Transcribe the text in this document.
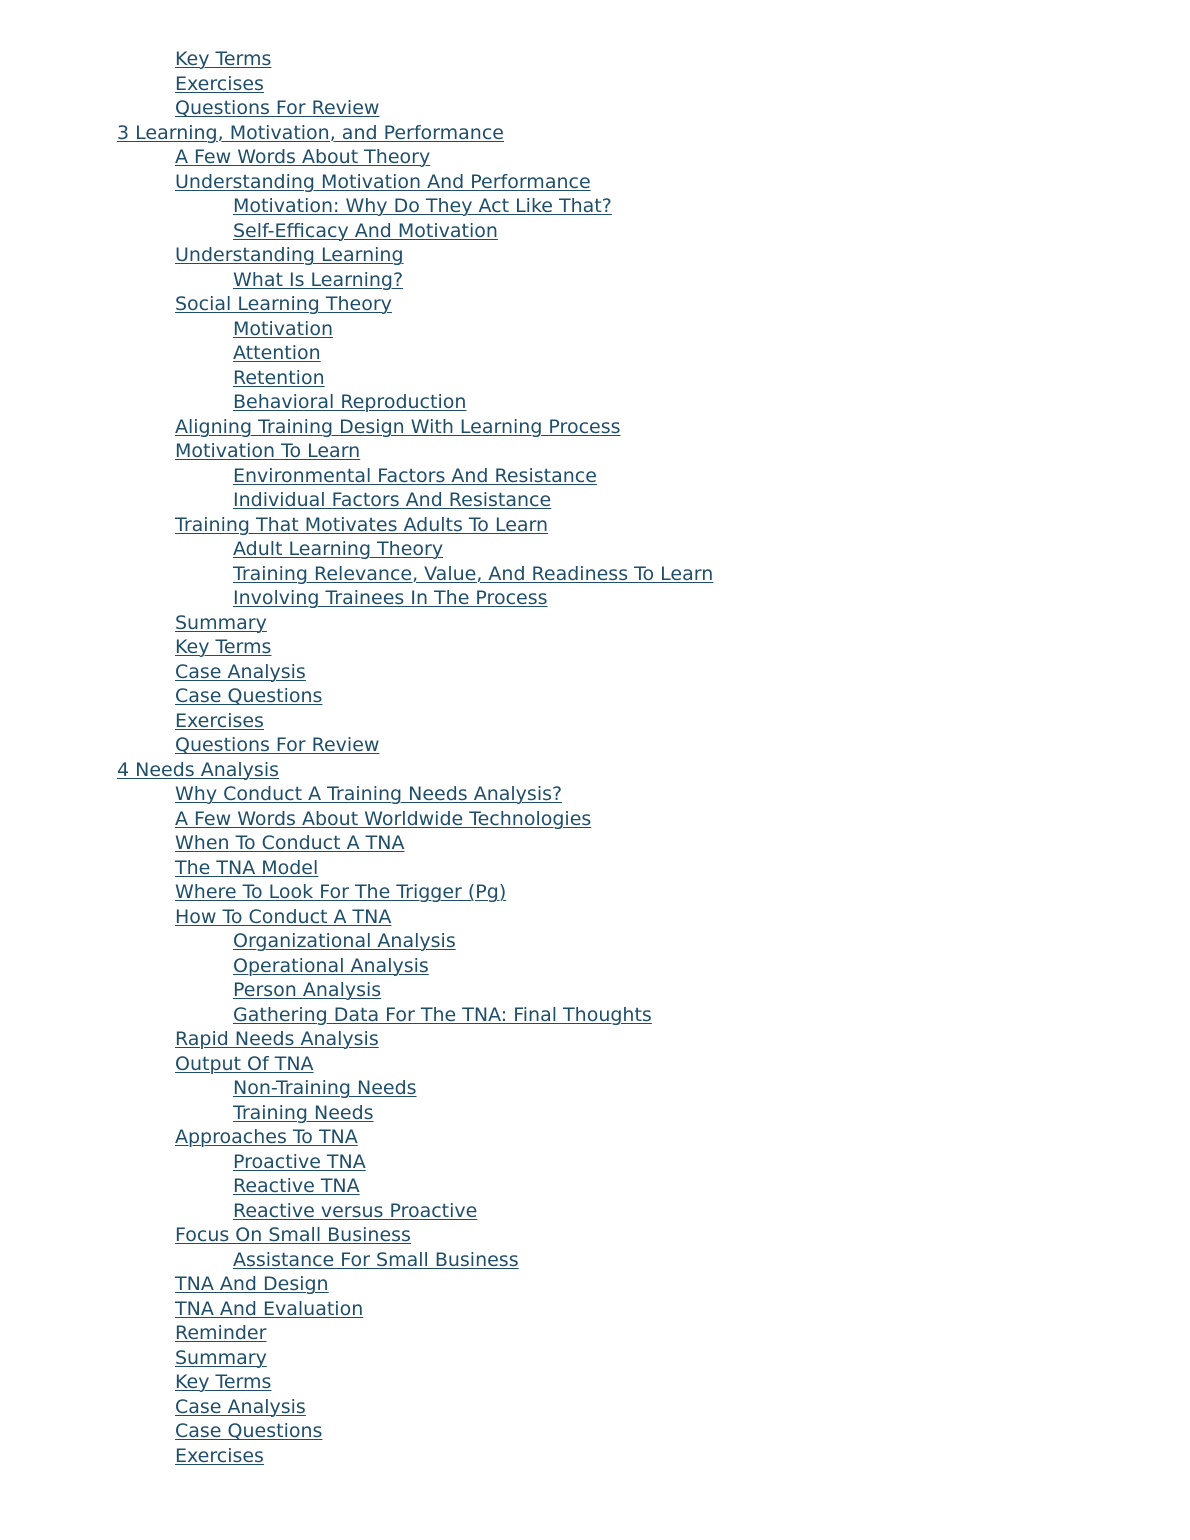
Key Terms
Exercises
Questions For Review
3 Learning, Motivation, and Performance
A Few Words About Theory
Understanding Motivation And Performance
Motivation: Why Do They Act Like That?
Self-Efficacy And Motivation
Understanding Learning
What Is Learning?
Social Learning Theory
Motivation
Attention
Retention
Behavioral Reproduction
Aligning Training Design With Learning Process
Motivation To Learn
Environmental Factors And Resistance
Individual Factors And Resistance
Training That Motivates Adults To Learn
Adult Learning Theory
Training Relevance, Value, And Readiness To Learn
Involving Trainees In The Process
Summary
Key Terms
Case Analysis
Case Questions
Exercises
Questions For Review
4 Needs Analysis
Why Conduct A Training Needs Analysis?
A Few Words About Worldwide Technologies
When To Conduct A TNA
The TNA Model
Where To Look For The Trigger (Pg)
How To Conduct A TNA
Organizational Analysis
Operational Analysis
Person Analysis
Gathering Data For The TNA: Final Thoughts
Rapid Needs Analysis
Output Of TNA
Non-Training Needs
Training Needs
Approaches To TNA
Proactive TNA
Reactive TNA
Reactive versus Proactive
Focus On Small Business
Assistance For Small Business
TNA And Design
TNA And Evaluation
Reminder
Summary
Key Terms
Case Analysis
Case Questions
Exercises
